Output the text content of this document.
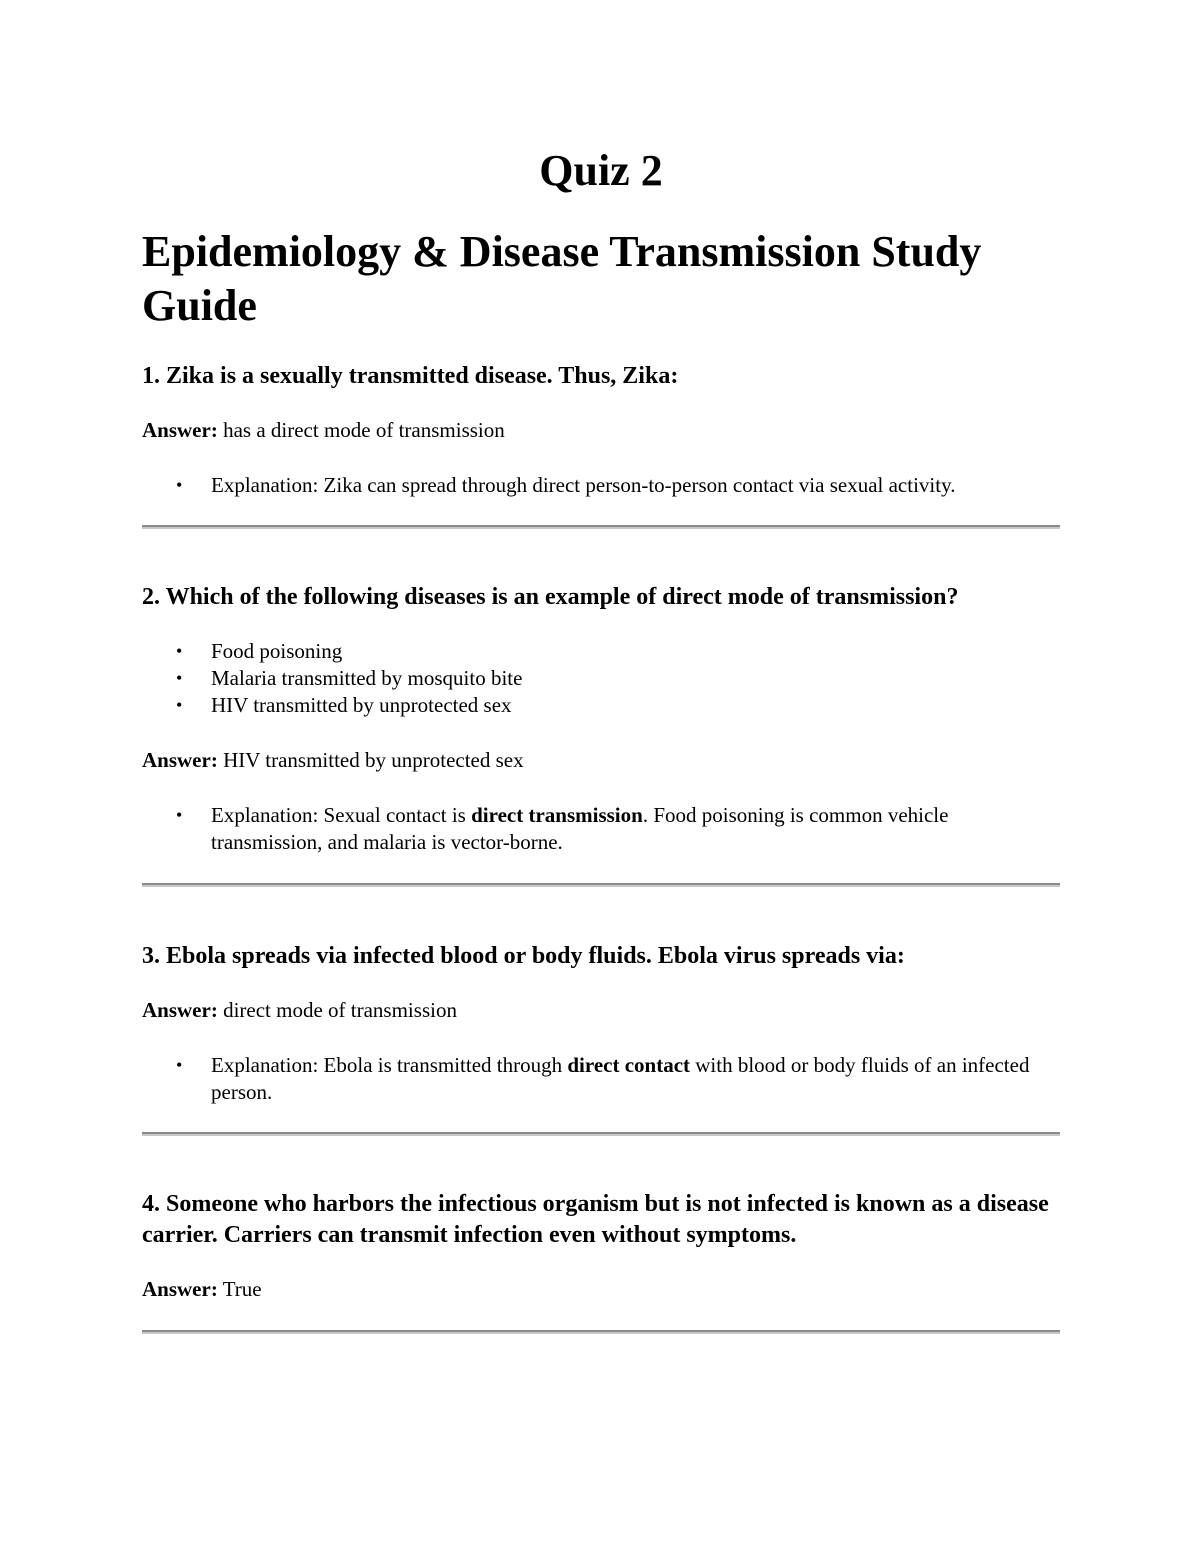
Quiz 2
Epidemiology & Disease Transmission Study Guide

1. Zika is a sexually transmitted disease. Thus, Zika:

Answer: has a direct mode of transmission

• Explanation: Zika can spread through direct person-to-person contact via sexual activity.

2. Which of the following diseases is an example of direct mode of transmission?

• Food poisoning
• Malaria transmitted by mosquito bite
• HIV transmitted by unprotected sex

Answer: HIV transmitted by unprotected sex

• Explanation: Sexual contact is direct transmission. Food poisoning is common vehicle transmission, and malaria is vector-borne.

3. Ebola spreads via infected blood or body fluids. Ebola virus spreads via:

Answer: direct mode of transmission

• Explanation: Ebola is transmitted through direct contact with blood or body fluids of an infected person.

4. Someone who harbors the infectious organism but is not infected is known as a disease carrier. Carriers can transmit infection even without symptoms.

Answer: True
